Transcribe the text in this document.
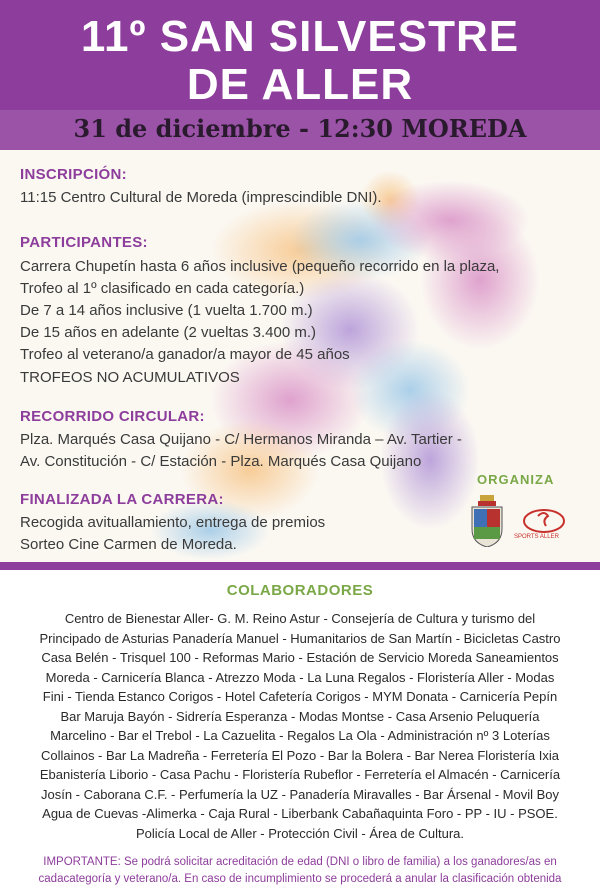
11º SAN SILVESTRE
DE ALLER
31 de diciembre - 12:30 MOREDA
INSCRIPCIÓN:
11:15 Centro Cultural de Moreda (imprescindible DNI).
PARTICIPANTES:
Carrera Chupetín hasta 6 años inclusive (pequeño recorrido en la plaza,
Trofeo al 1º clasificado en cada categoría.)
De 7 a 14 años inclusive (1 vuelta 1.700 m.)
De 15 años en adelante (2 vueltas 3.400 m.)
Trofeo al veterano/a ganador/a mayor de 45 años
TROFEOS NO ACUMULATIVOS
RECORRIDO CIRCULAR:
Plza. Marqués Casa Quijano - C/ Hermanos Miranda – Av. Tartier -
Av. Constitución - C/ Estación - Plza. Marqués Casa Quijano
FINALIZADA LA CARRERA:
Recogida avituallamiento, entrega de premios
Sorteo Cine Carmen de Moreda.
ORGANIZA
SPORTS ALLER
COLABORADORES
Centro de Bienestar Aller- G. M. Reino Astur - Consejería de Cultura y turismo del
Principado de Asturias Panadería Manuel - Humanitarios de San Martín - Bicicletas Castro
Casa Belén - Trisquel 100 - Reformas Mario - Estación de Servicio Moreda Saneamientos
Moreda - Carnicería Blanca - Atrezzo Moda - La Luna Regalos - Floristería Aller - Modas
Fini - Tienda Estanco Corigos - Hotel Cafetería Corigos - MYM Donata - Carnicería Pepín
Bar Maruja Bayón - Sidrería Esperanza - Modas Montse - Casa Arsenio Peluquería
Marcelino - Bar el Trebol - La Cazuelita - Regalos La Ola - Administración nº 3 Loterías
Collainos - Bar La Madreña - Ferretería El Pozo - Bar la Bolera - Bar Nerea Floristería Ixia
Ebanistería Liborio - Casa Pachu - Floristería Rubeflor - Ferretería el Almacén - Carnicería
Josín - Caborana C.F. - Perfumería la UZ - Panadería Miravalles - Bar Ársenal - Movil Boy
Agua de Cuevas -Alimerka - Caja Rural - Liberbank Cabañaquinta Foro - PP - IU - PSOE.
Policía Local de Aller - Protección Civil - Área de Cultura.
IMPORTANTE: Se podrá solicitar acreditación de edad (DNI o libro de familia) a los ganadores/as en
cadacategoría y veterano/a. En caso de incumplimiento se procederá a anular la clasificación obtenida
